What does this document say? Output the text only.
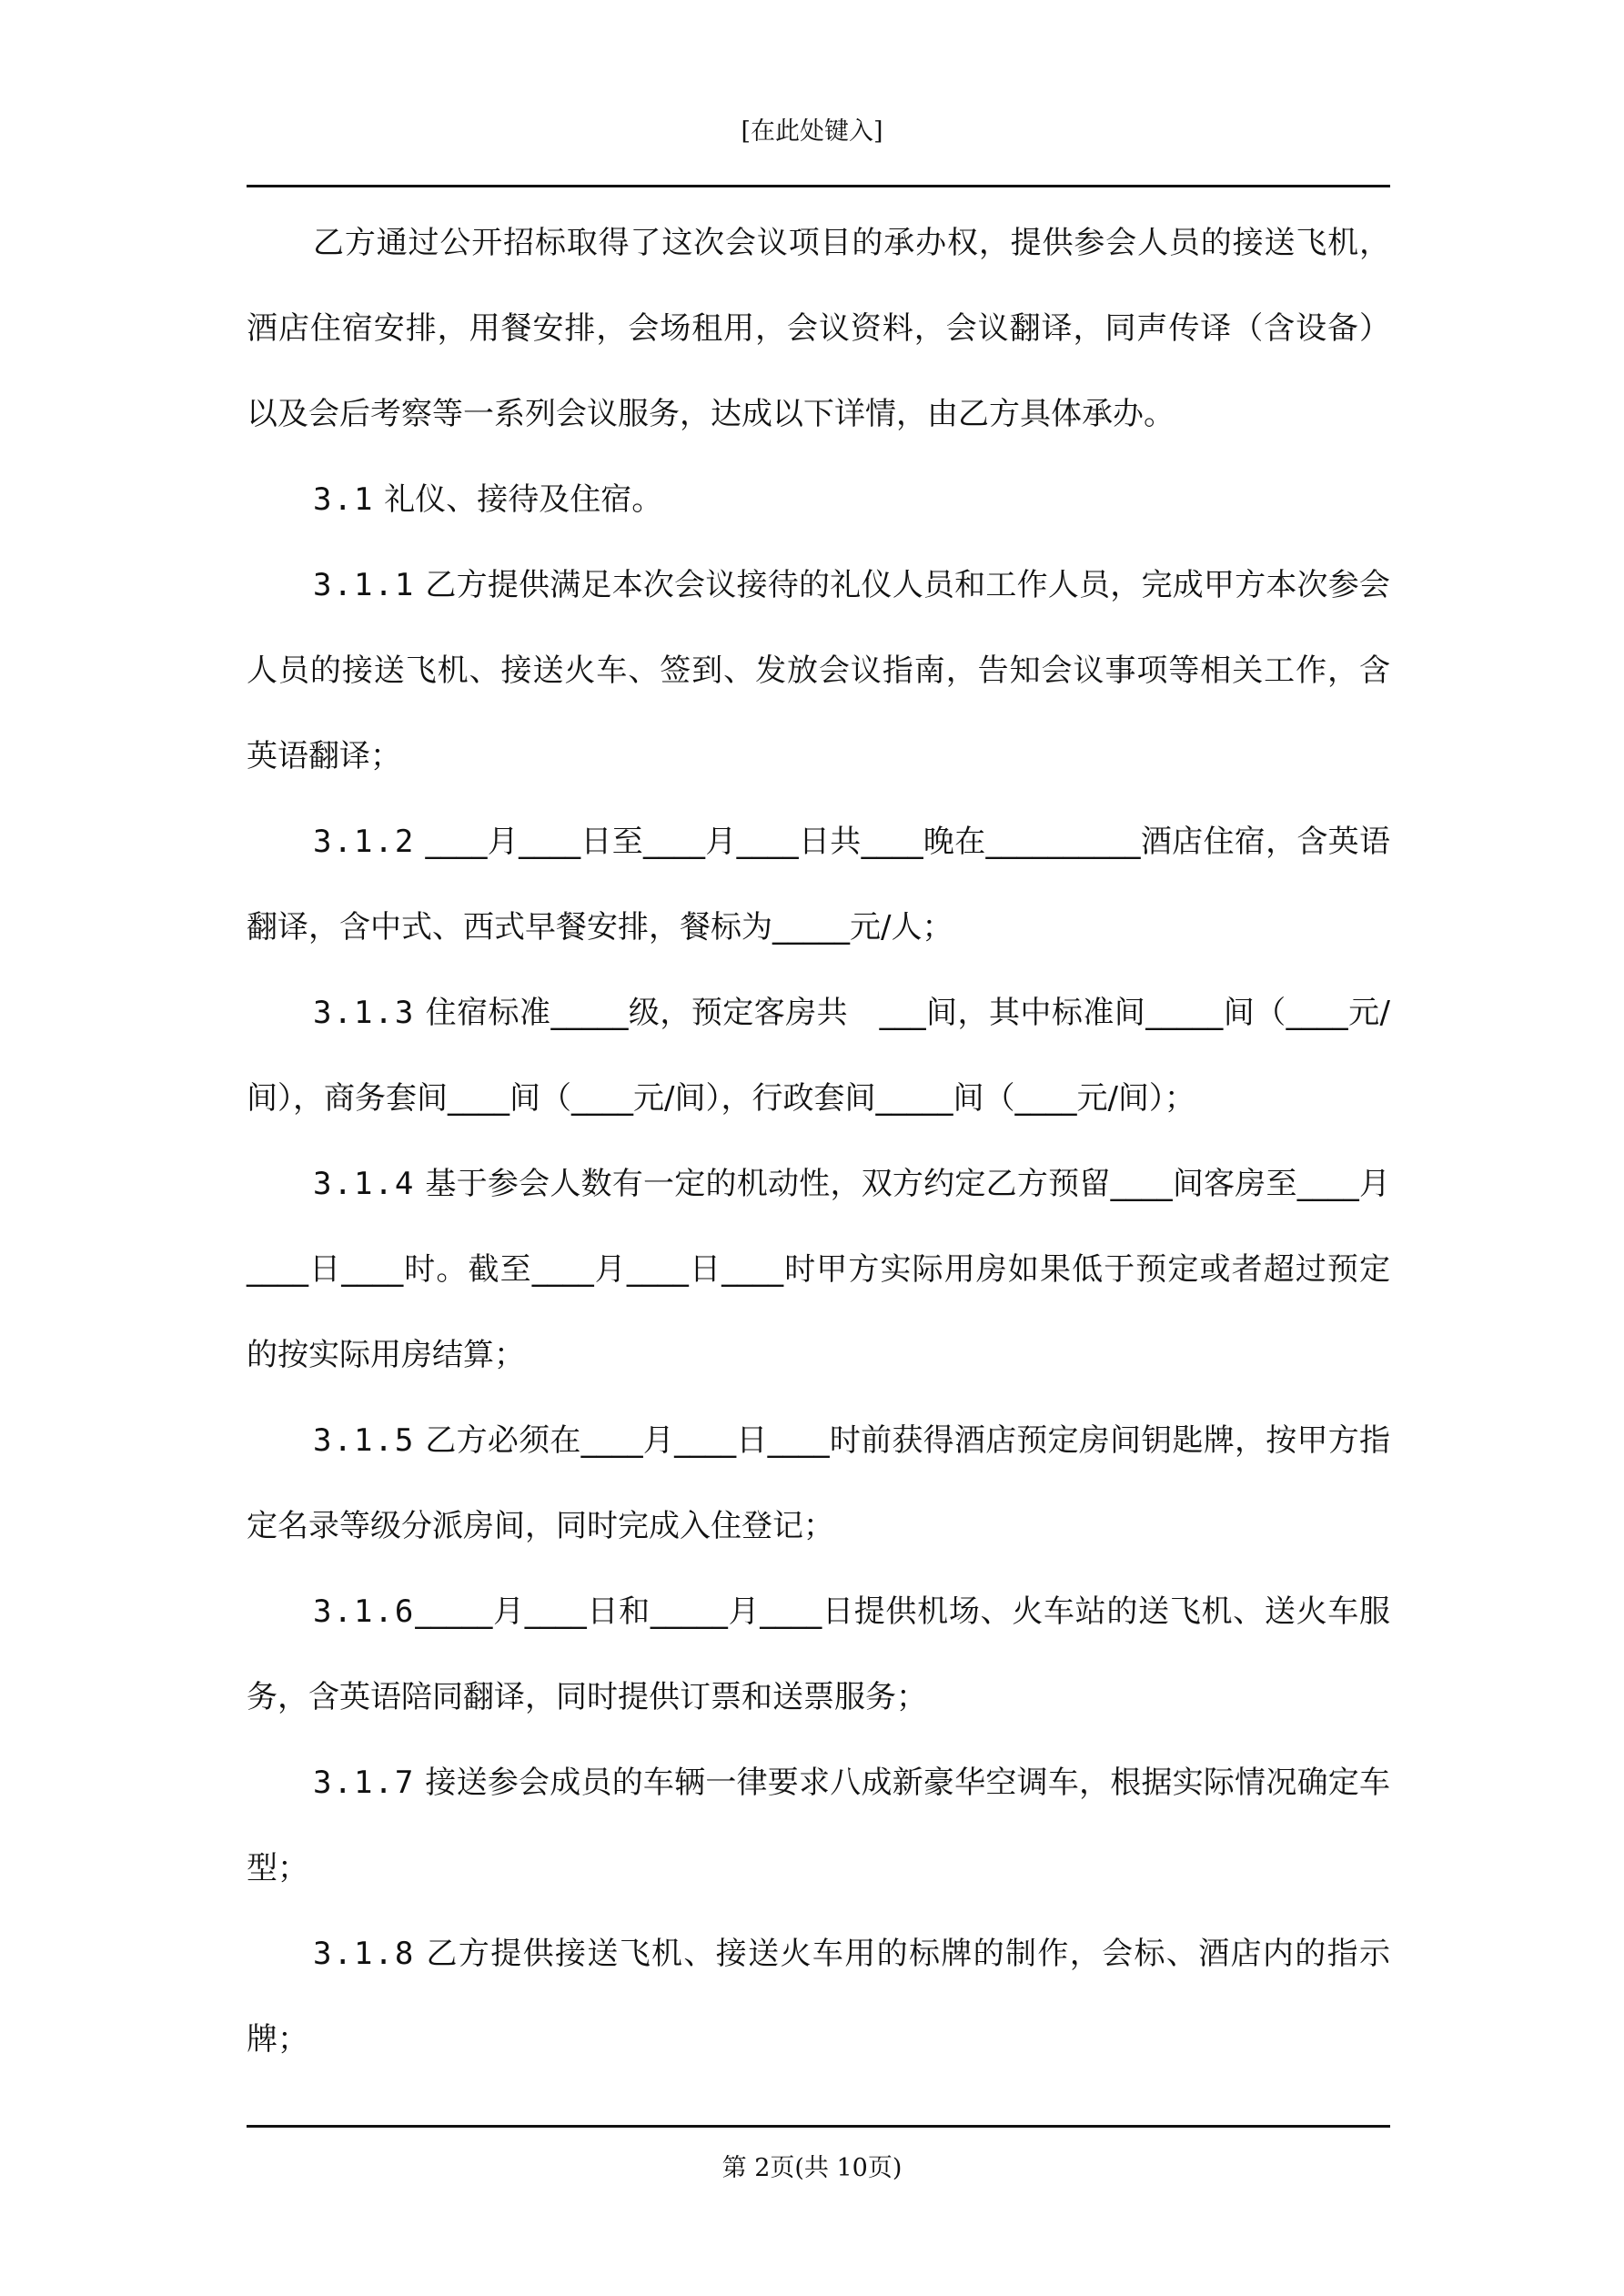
[在此处键入]

乙方通过公开招标取得了这次会议项目的承办权，提供参会人员的接送飞机，酒店住宿安排，用餐安排，会场租用，会议资料，会议翻译，同声传译（含设备）以及会后考察等一系列会议服务，达成以下详情，由乙方具体承办。

3.1 礼仪、接待及住宿。

3.1.1 乙方提供满足本次会议接待的礼仪人员和工作人员，完成甲方本次参会人员的接送飞机、接送火车、签到、发放会议指南，告知会议事项等相关工作，含英语翻译；

3.1.2 ____月____日至____月____日共____晚在__________酒店住宿，含英语翻译，含中式、西式早餐安排，餐标为_____元/人；

3.1.3 住宿标准_____级，预定客房共　___间，其中标准间_____间（____元/间），商务套间____间（____元/间），行政套间_____间（____元/间）；

3.1.4 基于参会人数有一定的机动性，双方约定乙方预留____间客房至____月____日____时。截至____月____日____时甲方实际用房如果低于预定或者超过预定的按实际用房结算；

3.1.5 乙方必须在____月____日____时前获得酒店预定房间钥匙牌，按甲方指定名录等级分派房间，同时完成入住登记；

3.1.6_____月____日和_____月____日提供机场、火车站的送飞机、送火车服务，含英语陪同翻译，同时提供订票和送票服务；

3.1.7 接送参会成员的车辆一律要求八成新豪华空调车，根据实际情况确定车型；

3.1.8 乙方提供接送飞机、接送火车用的标牌的制作，会标、酒店内的指示牌；

第 2页(共 10页)
